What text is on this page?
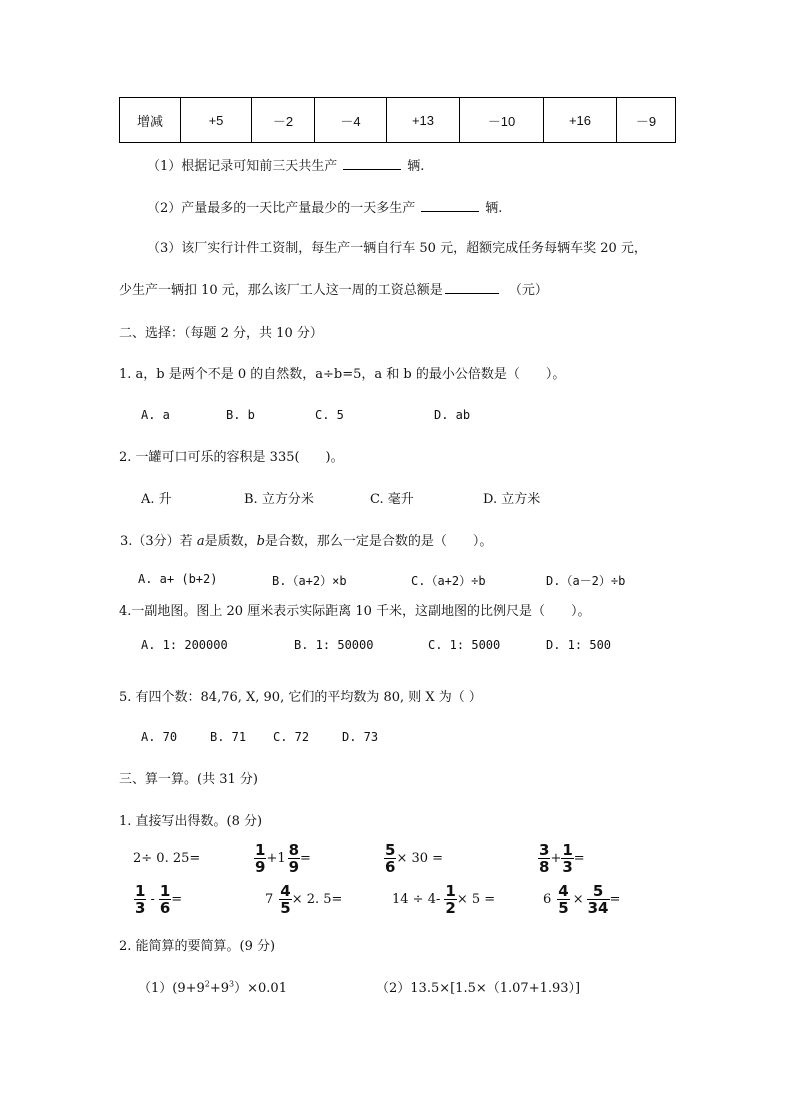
增减	+5	－2	－4	+13	－10	+16	－9
（1）根据记录可知前三天共生产	辆.
（2）产量最多的一天比产量最少的一天多生产	辆.
（3）该厂实行计件工资制，每生产一辆自行车 50 元，超额完成任务每辆车奖 20 元，
少生产一辆扣 10 元，那么该厂工人这一周的工资总额是	（元）
二、选择：（每题 2 分，共 10 分）
1. a，b 是两个不是 0 的自然数，a÷b=5，a 和 b 的最小公倍数是（　　）。
A. a	B. b	C. 5	D. ab
2. 一罐可口可乐的容积是 335(　　)。
A. 升	B. 立方分米	C. 毫升	D. 立方米
3.（3分）若 a是质数，b是合数，那么一定是合数的是（　　）。
A. a+ (b+2)	B.（a+2）×b	C.（a+2）÷b	D.（a－2）÷b
4.一副地图。图上 20 厘米表示实际距离 10 千米，这副地图的比例尺是（　　）。
A. 1: 200000	B. 1: 50000	C. 1: 5000	D. 1: 500
5. 有四个数：84,76, X, 90, 它们的平均数为 80, 则 X 为（ ）
A. 70	B. 71 C. 72	D. 73
三、算一算。(共 31 分)
1. 直接写出得数。(8 分)
2÷ 0. 25=	$\frac{1}{9} +1 \frac{8}{9}$ =	$\frac{5}{6} \times 30$ =	$\frac{3}{8} + \frac{1}{3}$ =
$\frac{1}{3} - \frac{1}{6}$ =	$7 \frac{4}{5} \times 2$. 5=	$14 \div 4- \frac{1}{2} \times 5$ =	$6 \frac{4}{5} \times \frac{5}{34}$ =
2. 能简算的要简算。(9 分)
$(1)(9+9^2+9^3)\times 0.01$	（2）13.5×[1.5×（1.07+1.93）]
